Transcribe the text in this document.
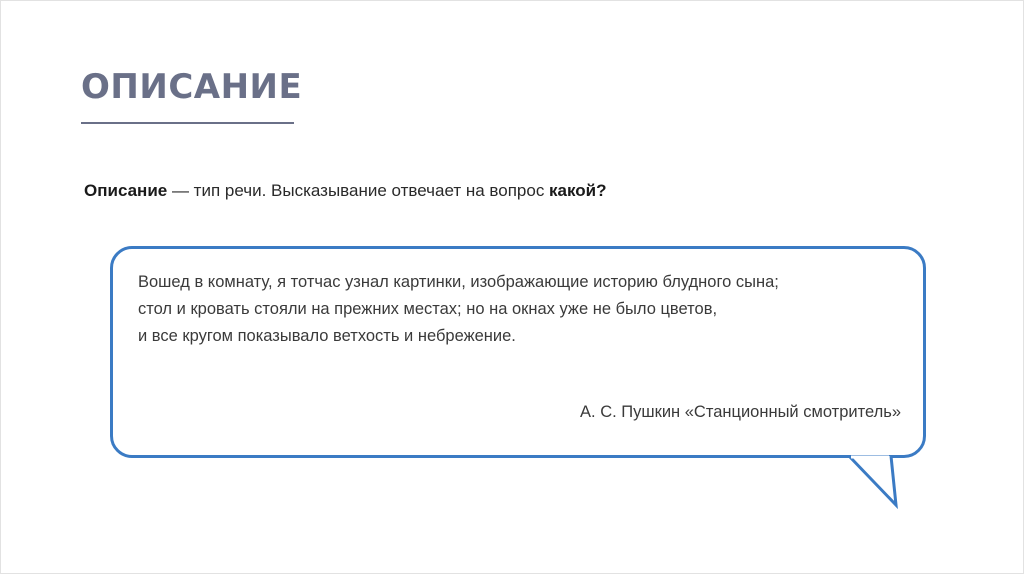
ОПИСАНИЕ
Описание — тип речи. Высказывание отвечает на вопрос какой?
Вошед в комнату, я тотчас узнал картинки, изображающие историю блудного сына;
стол и кровать стояли на прежних местах; но на окнах уже не было цветов,
и все кругом показывало ветхость и небрежение.
А. С. Пушкин «Станционный смотритель»
